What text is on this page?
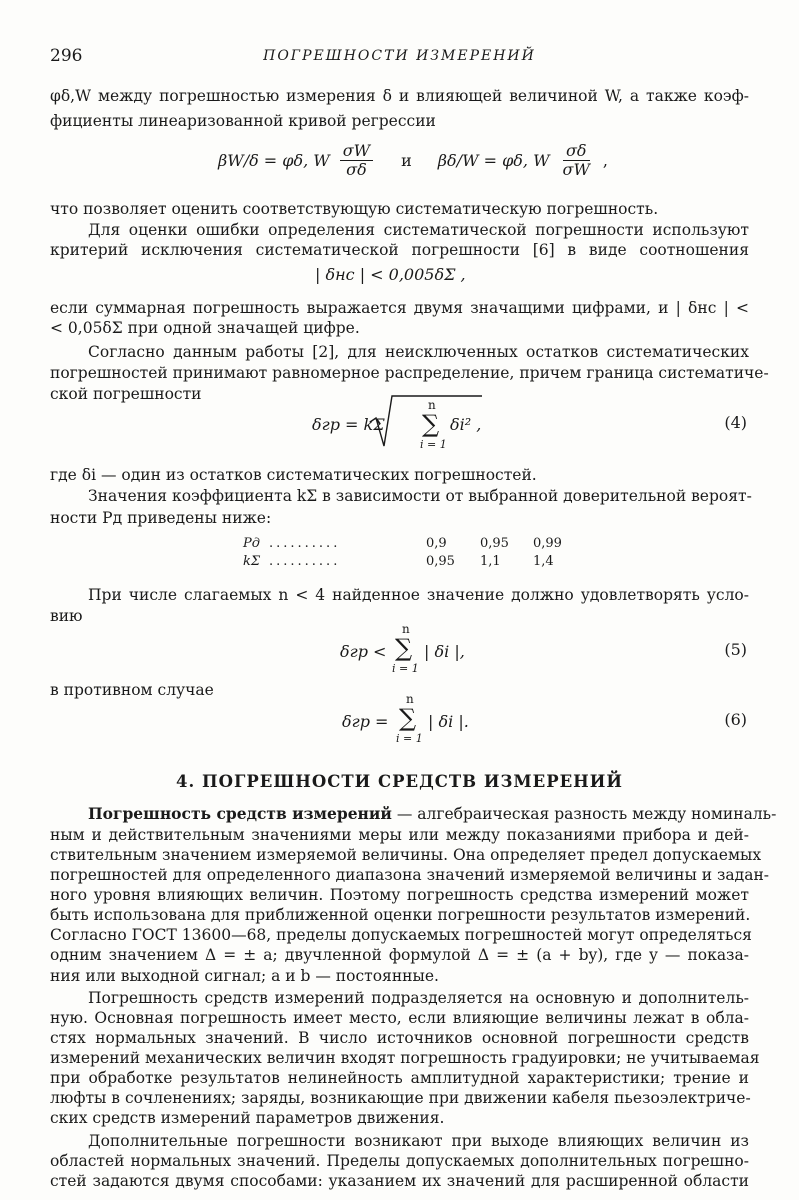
296	ПОГРЕШНОСТИ ИЗМЕРЕНИЙ
φδ,W между погрешностью измерения δ и влияющей величиной W, а также коэф-
фициенты линеаризованной кривой регрессии
βW/δ = φδ, W $\frac{\sigma W}{\sigma\delta}$ и βδ/W = φδ, W $\frac{\sigma\delta}{\sigma W}$ ,
что позволяет оценить соответствующую систематическую погрешность.
Для оценки ошибки определения систематической погрешности используют
критерий исключения систематической погрешности [6] в виде соотношения
| δнс | < 0,005δΣ ,
если суммарная погрешность выражается двумя значащими цифрами, и | δнс | <
< 0,05δΣ при одной значащей цифре.
Согласно данным работы [2], для неисключенных остатков систематических
погрешностей принимают равномерное распределение, причем граница систематиче-
ской погрешности
δгр = kΣ
n
∑
i = 1
δi² ,	(4)
где δi — один из остатков систематических погрешностей.
Значения коэффициента kΣ в зависимости от выбранной доверительной вероят-
ности Pд приведены ниже:
Pд ..........	0,9	0,95 0,99
kΣ ..........	0,95 1,1 1,4
При числе слагаемых n < 4 найденное значение должно удовлетворять усло-
вию
δгр <
n
∑
i = 1
| δi |,	(5)
в противном случае
δгр =
n
∑
i = 1
| δi |.	(6)
4. ПОГРЕШНОСТИ СРЕДСТВ ИЗМЕРЕНИЙ
Погрешность средств измерений — алгебраическая разность между номиналь-
ным и действительным значениями меры или между показаниями прибора и дей-
ствительным значением измеряемой величины. Она определяет предел допускаемых
погрешностей для определенного диапазона значений измеряемой величины и задан-
ного уровня влияющих величин. Поэтому погрешность средства измерений может
быть использована для приближенной оценки погрешности результатов измерений.
Согласно ГОСТ 13600—68, пределы допускаемых погрешностей могут определяться
одним значением Δ = ± a; двучленной формулой Δ = ± (a + by), где y — показа-
ния или выходной сигнал; a и b — постоянные.
Погрешность средств измерений подразделяется на основную и дополнитель-
ную. Основная погрешность имеет место, если влияющие величины лежат в обла-
стях нормальных значений. В число источников основной погрешности средств
измерений механических величин входят погрешность градуировки; не учитываемая
при обработке результатов нелинейность амплитудной характеристики; трение и
люфты в сочленениях; заряды, возникающие при движении кабеля пьезоэлектриче-
ских средств измерений параметров движения.
Дополнительные погрешности возникают при выходе влияющих величин из
областей нормальных значений. Пределы допускаемых дополнительных погрешно-
стей задаются двумя способами: указанием их значений для расширенной области
